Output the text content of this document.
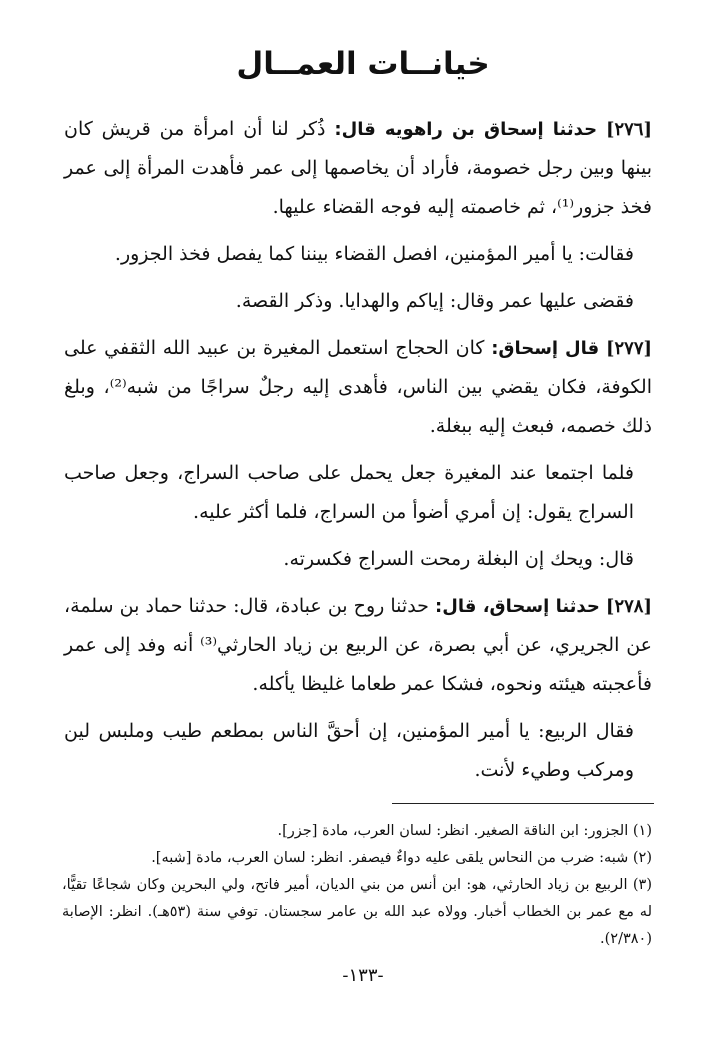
خيانــات العمــال

[٢٧٦] حدثنا إسحاق بن راهويه قال: ذُكر لنا أن امرأة من قريش كان بينها وبين رجل خصومة، فأراد أن يخاصمها إلى عمر فأهدت المرأة إلى عمر فخذ جزور⁽¹⁾، ثم خاصمته إليه فوجه القضاء عليها.

فقالت: يا أمير المؤمنين، افصل القضاء بيننا كما يفصل فخذ الجزور.

فقضى عليها عمر وقال: إياكم والهدايا. وذكر القصة.

[٢٧٧] قال إسحاق: كان الحجاج استعمل المغيرة بن عبيد الله الثقفي على الكوفة، فكان يقضي بين الناس، فأهدى إليه رجلٌ سراجًا من شبه⁽²⁾، وبلغ ذلك خصمه، فبعث إليه ببغلة.

فلما اجتمعا عند المغيرة جعل يحمل على صاحب السراج، وجعل صاحب السراج يقول: إن أمري أضوأ من السراج، فلما أكثر عليه.

قال: ويحك إن البغلة رمحت السراج فكسرته.

[٢٧٨] حدثنا إسحاق، قال: حدثنا روح بن عبادة، قال: حدثنا حماد بن سلمة، عن الجريري، عن أبي بصرة، عن الربيع بن زياد الحارثي⁽³⁾ أنه وفد إلى عمر فأعجبته هيئته ونحوه، فشكا عمر طعاما غليظا يأكله.

فقال الربيع: يا أمير المؤمنين، إن أحقَّ الناس بمطعم طيب وملبس لين ومركب وطيء لأنت.

(١) الجزور: ابن الناقة الصغير. انظر: لسان العرب، مادة [جزر].

(٢) شبه: ضرب من النحاس يلقى عليه دواءٌ فيصفر. انظر: لسان العرب، مادة [شبه].

(٣) الربيع بن زياد الحارثي، هو: ابن أنس من بني الديان، أمير فاتح، ولي البحرين وكان شجاعًا تقيًّا، له مع عمر بن الخطاب أخبار. وولاه عبد الله بن عامر سجستان. توفي سنة (٥٣هـ). انظر: الإصابة (٢/٣٨٠).

-١٣٣-
